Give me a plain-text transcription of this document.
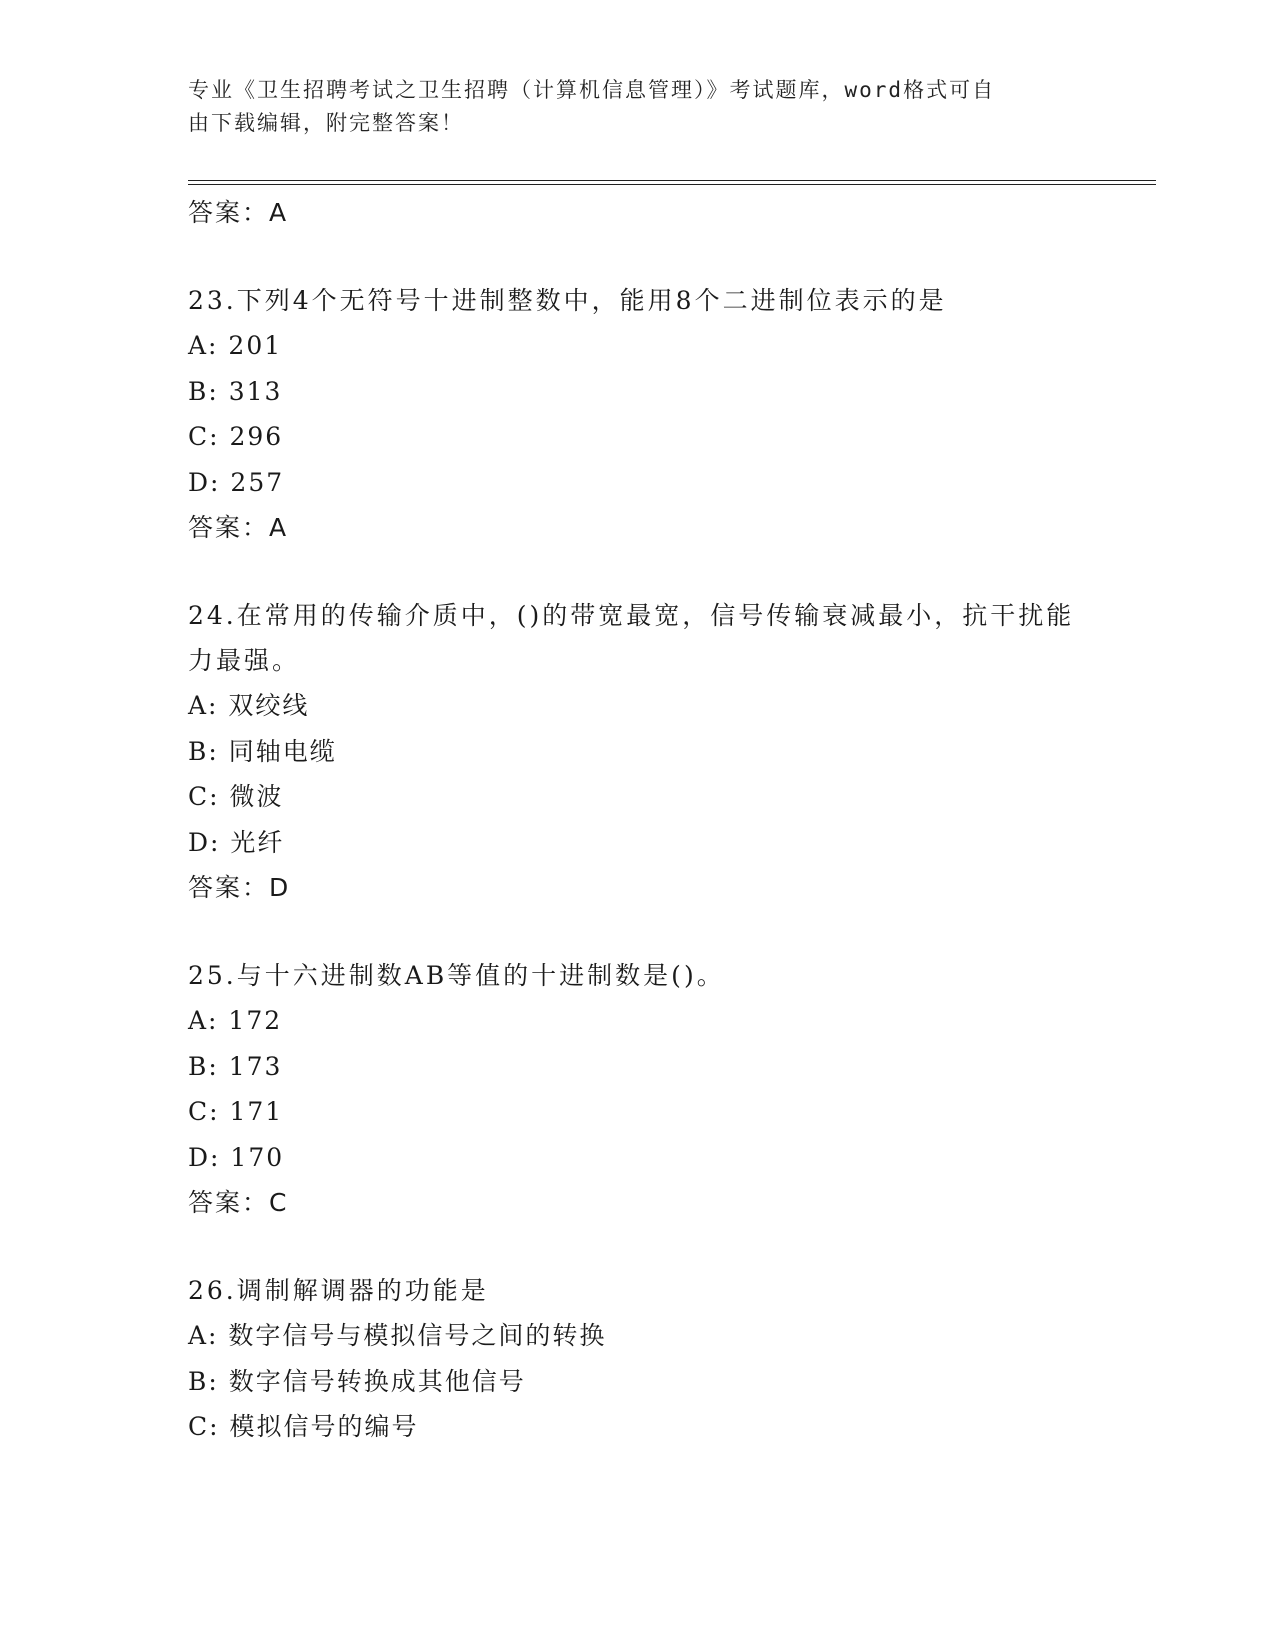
专业《卫生招聘考试之卫生招聘（计算机信息管理）》考试题库，word格式可自
由下载编辑，附完整答案！
答案：A
23.下列4个无符号十进制整数中，能用8个二进制位表示的是
A: 201
B: 313
C: 296
D: 257
答案：A
24.在常用的传输介质中，()的带宽最宽，信号传输衰减最小，抗干扰能力最强。
A: 双绞线
B: 同轴电缆
C: 微波
D: 光纤
答案：D
25.与十六进制数AB等值的十进制数是()。
A: 172
B: 173
C: 171
D: 170
答案：C
26.调制解调器的功能是
A: 数字信号与模拟信号之间的转换
B: 数字信号转换成其他信号
C: 模拟信号的编号
